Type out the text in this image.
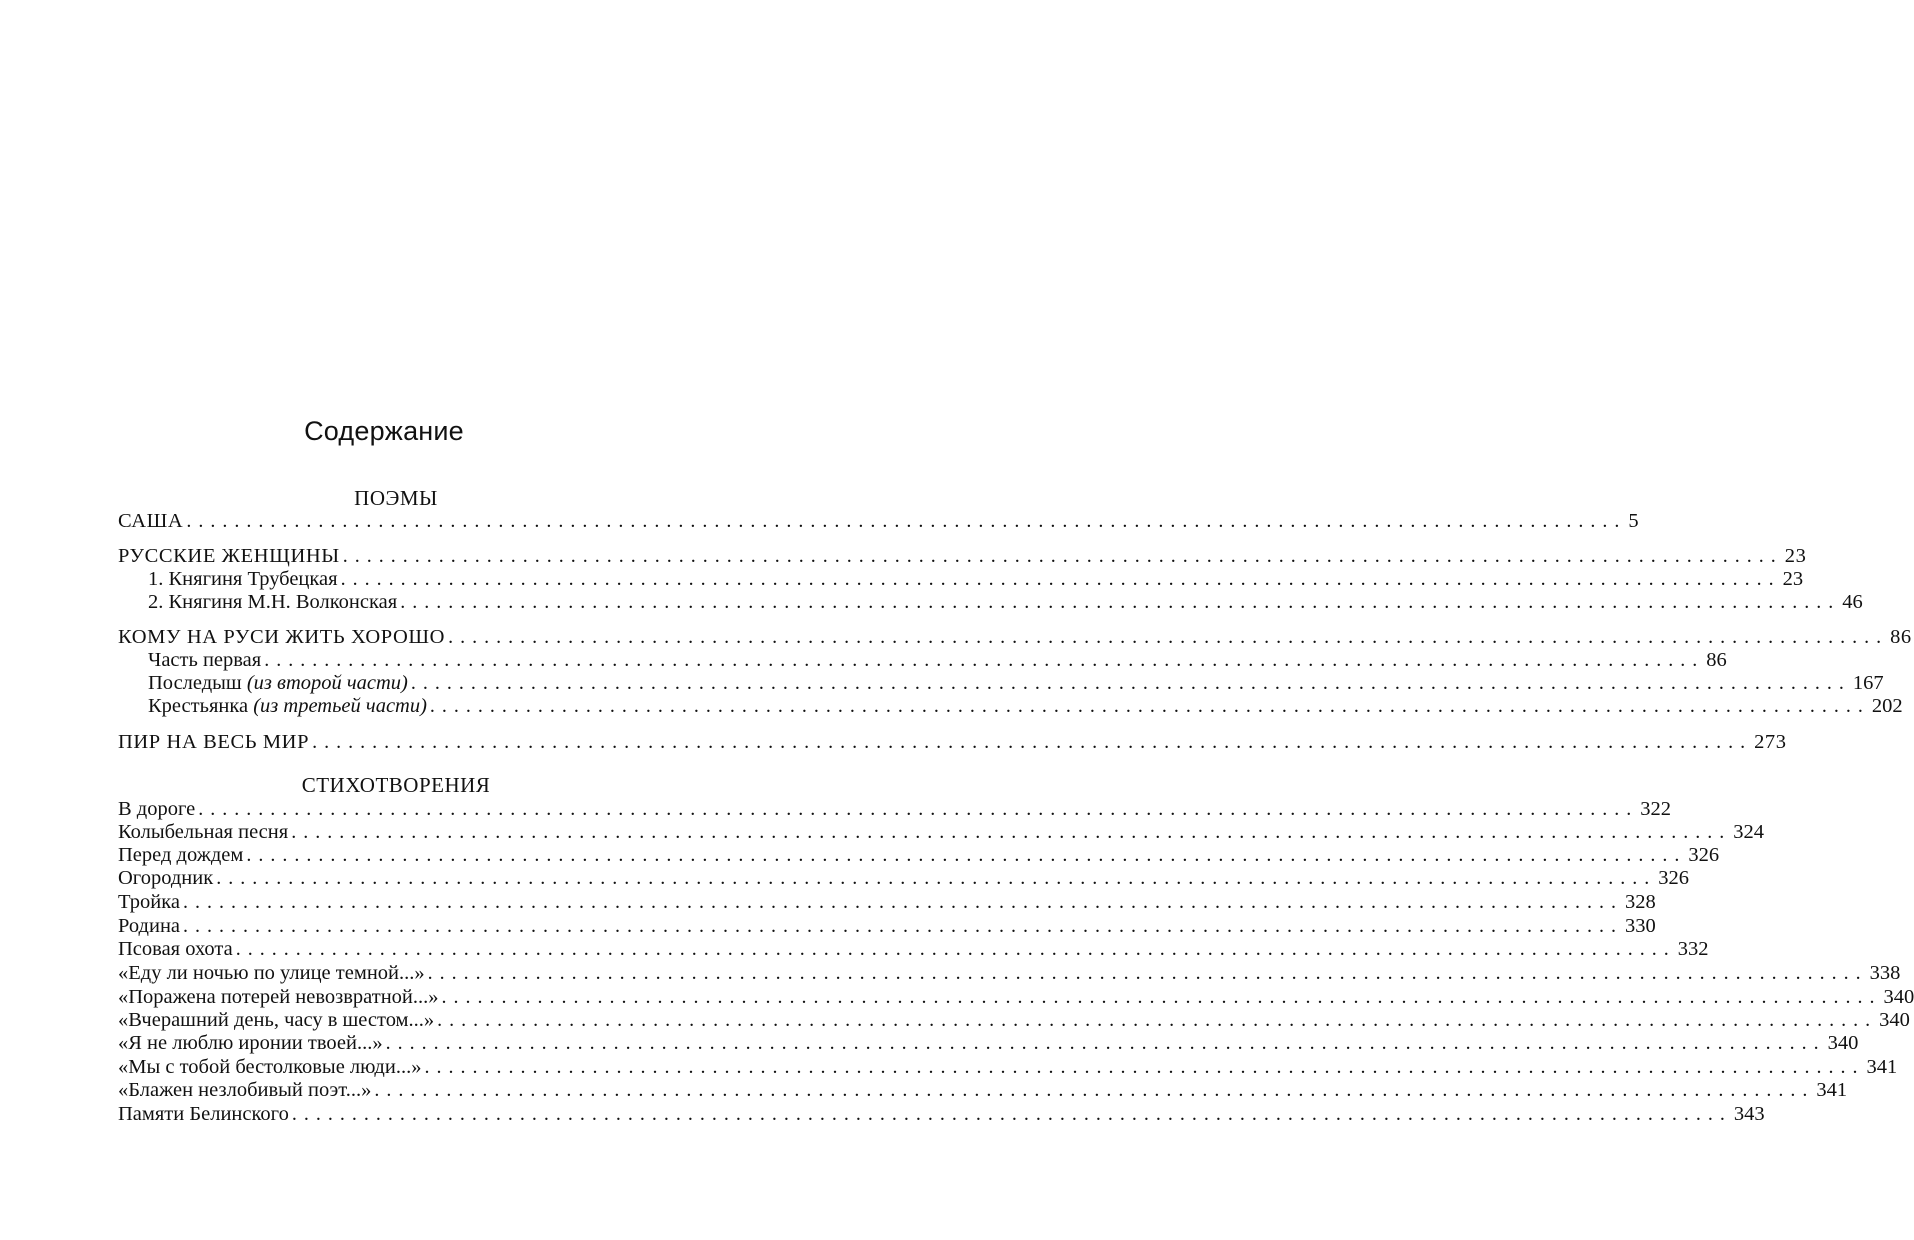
Содержание
ПОЭМЫ
САША ........................................................................................................................ 5
РУССКИЕ ЖЕНЩИНЫ ........................................................................................................................ 23
1. Княгиня Трубецкая ........................................................................................................................ 23
2. Княгиня М.Н. Волконская ........................................................................................................................ 46
КОМУ НА РУСИ ЖИТЬ ХОРОШО ........................................................................................................................ 86
Часть первая ........................................................................................................................ 86
Последыш (из второй части) ........................................................................................................................ 167
Крестьянка (из третьей части) ........................................................................................................................ 202
ПИР НА ВЕСЬ МИР ........................................................................................................................ 273
СТИХОТВОРЕНИЯ
В дороге ........................................................................................................................ 322
Колыбельная песня ........................................................................................................................ 324
Перед дождем ........................................................................................................................ 326
Огородник ........................................................................................................................ 326
Тройка ........................................................................................................................ 328
Родина ........................................................................................................................ 330
Псовая охота ........................................................................................................................ 332
«Еду ли ночью по улице темной...» ........................................................................................................................ 338
«Поражена потерей невозвратной...» ........................................................................................................................ 340
«Вчерашний день, часу в шестом...» ........................................................................................................................ 340
«Я не люблю иронии твоей...» ........................................................................................................................ 340
«Мы с тобой бестолковые люди...» ........................................................................................................................ 341
«Блажен незлобивый поэт...» ........................................................................................................................ 341
Памяти Белинского ........................................................................................................................ 343
